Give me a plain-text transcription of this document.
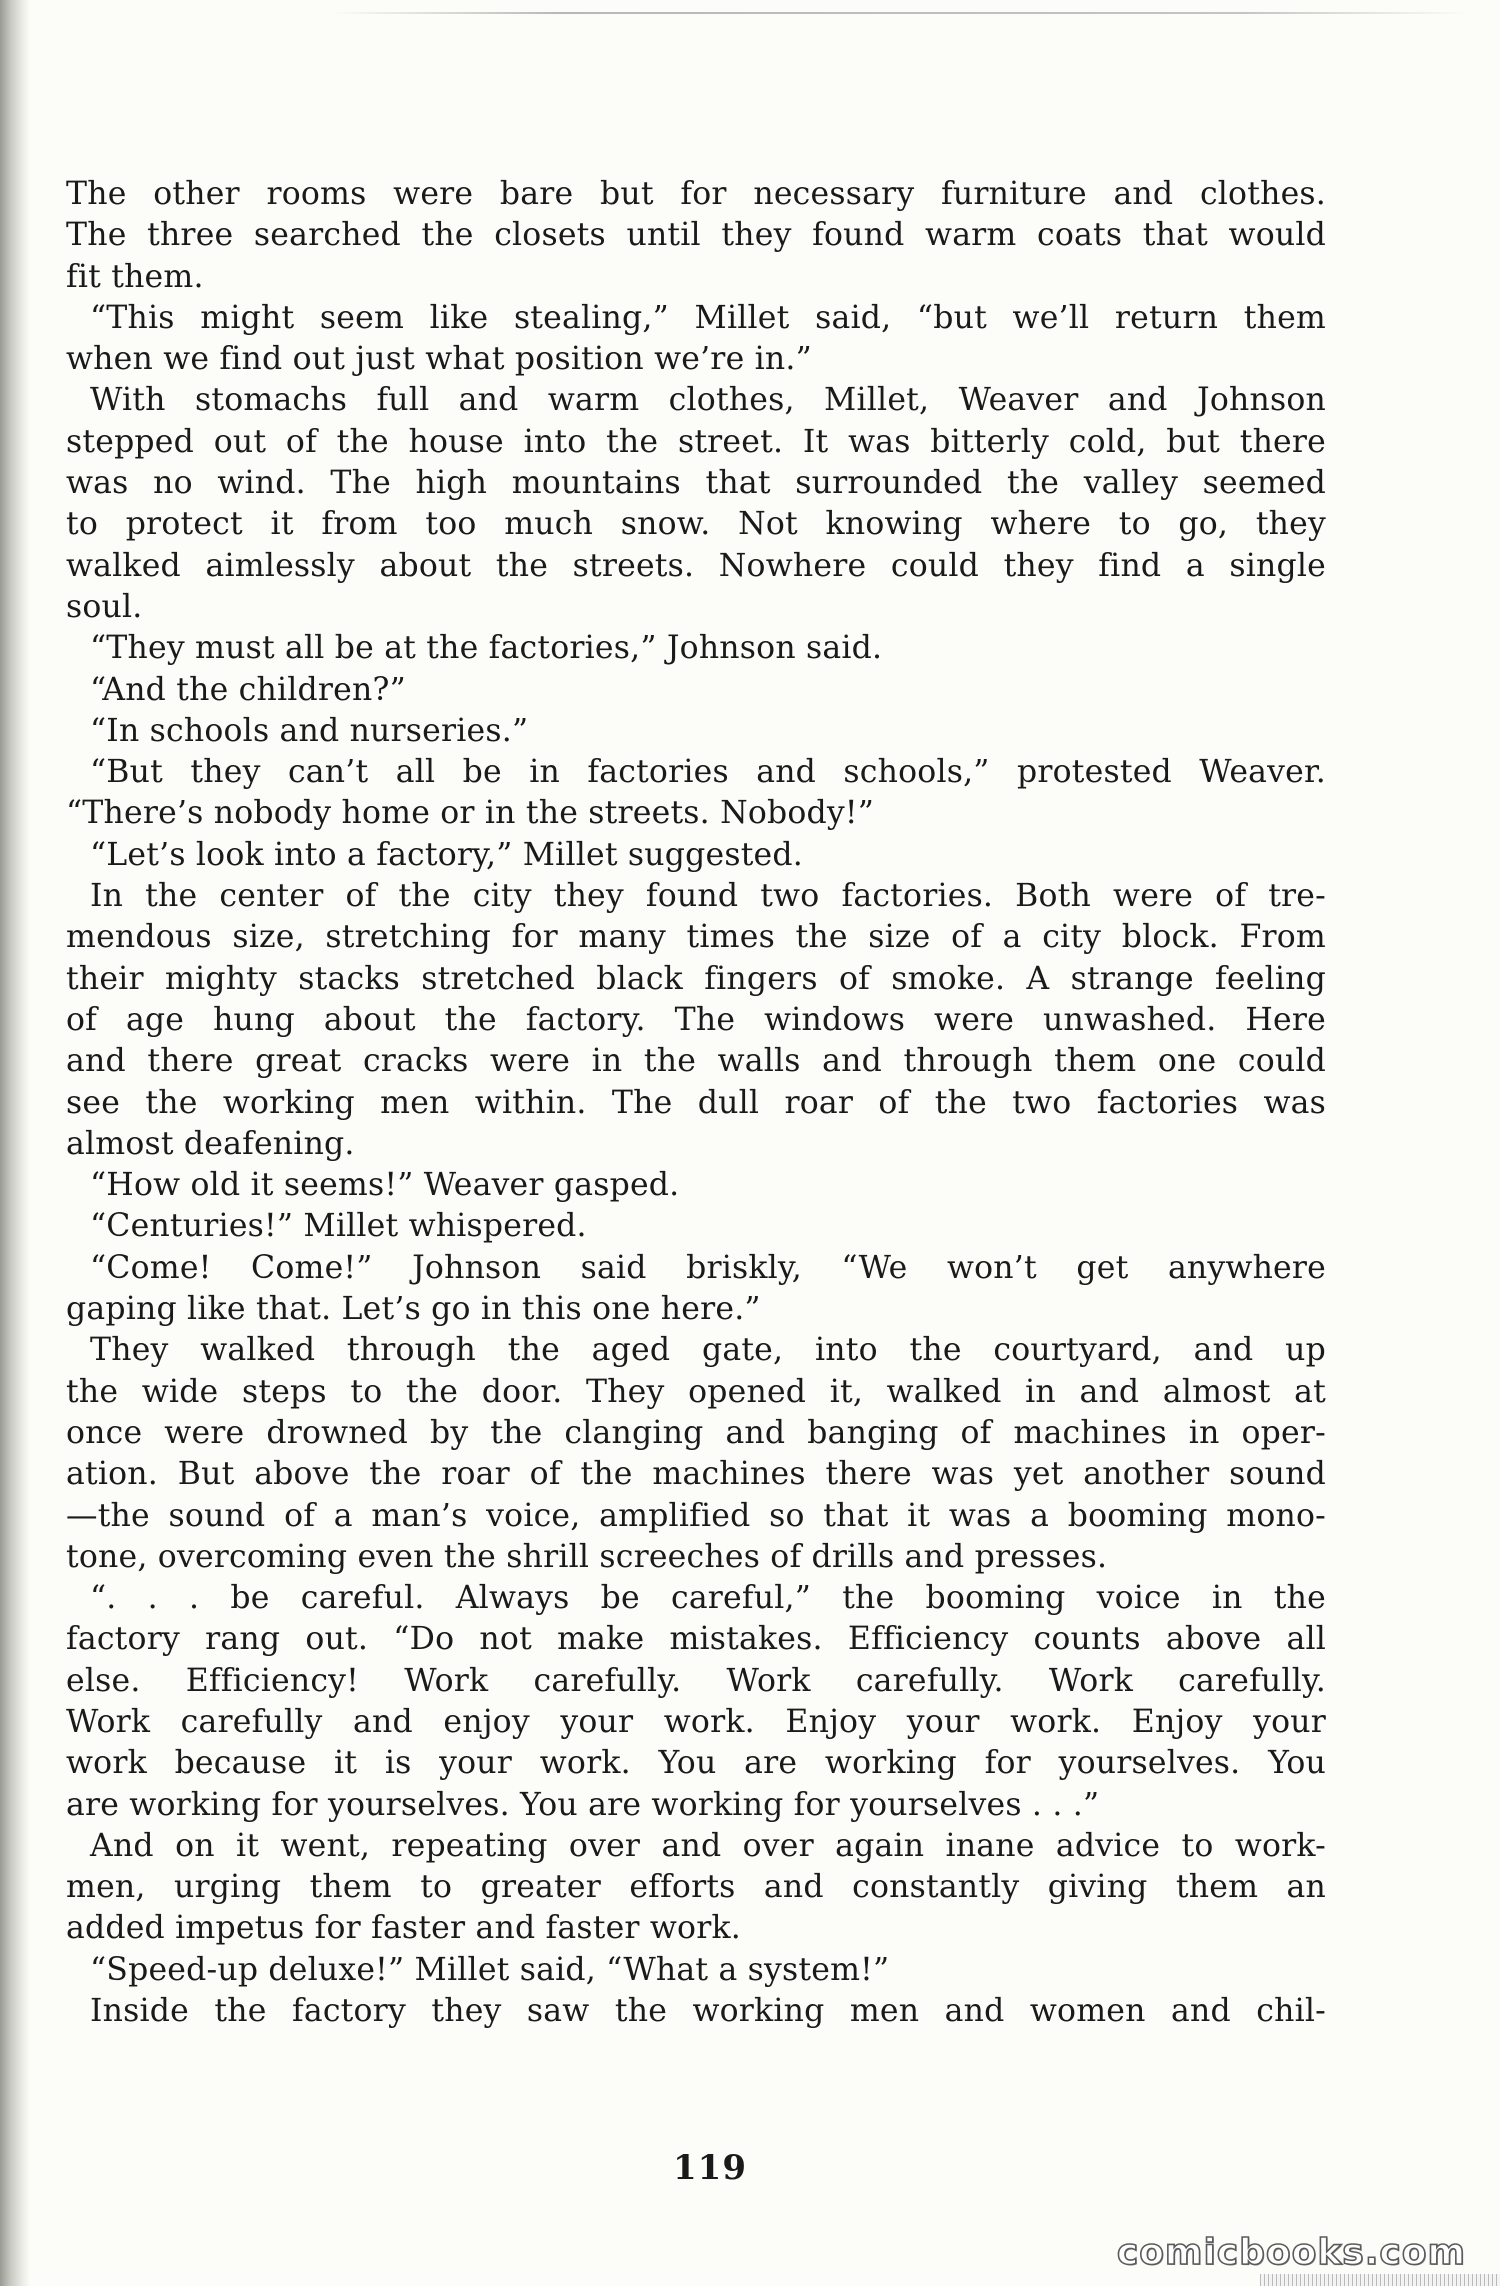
The other rooms were bare but for necessary furniture and clothes.
The three searched the closets until they found warm coats that would
fit them.
“This might seem like stealing,” Millet said, “but we’ll return them
when we find out just what position we’re in.”
With stomachs full and warm clothes, Millet, Weaver and Johnson
stepped out of the house into the street. It was bitterly cold, but there
was no wind. The high mountains that surrounded the valley seemed
to protect it from too much snow. Not knowing where to go, they
walked aimlessly about the streets. Nowhere could they find a single
soul.
“They must all be at the factories,” Johnson said.
“And the children?”
“In schools and nurseries.”
“But they can’t all be in factories and schools,” protested Weaver.
“There’s nobody home or in the streets. Nobody!”
“Let’s look into a factory,” Millet suggested.
In the center of the city they found two factories. Both were of tre-
mendous size, stretching for many times the size of a city block. From
their mighty stacks stretched black fingers of smoke. A strange feeling
of age hung about the factory. The windows were unwashed. Here
and there great cracks were in the walls and through them one could
see the working men within. The dull roar of the two factories was
almost deafening.
“How old it seems!” Weaver gasped.
“Centuries!” Millet whispered.
“Come! Come!” Johnson said briskly, “We won’t get anywhere
gaping like that. Let’s go in this one here.”
They walked through the aged gate, into the courtyard, and up
the wide steps to the door. They opened it, walked in and almost at
once were drowned by the clanging and banging of machines in oper-
ation. But above the roar of the machines there was yet another sound
—the sound of a man’s voice, amplified so that it was a booming mono-
tone, overcoming even the shrill screeches of drills and presses.
“. . . be careful. Always be careful,” the booming voice in the
factory rang out. “Do not make mistakes. Efficiency counts above all
else. Efficiency! Work carefully. Work carefully. Work carefully.
Work carefully and enjoy your work. Enjoy your work. Enjoy your
work because it is your work. You are working for yourselves. You
are working for yourselves. You are working for yourselves . . .”
And on it went, repeating over and over again inane advice to work-
men, urging them to greater efforts and constantly giving them an
added impetus for faster and faster work.
“Speed-up deluxe!” Millet said, “What a system!”
Inside the factory they saw the working men and women and chil-
119
comicbooks.com
